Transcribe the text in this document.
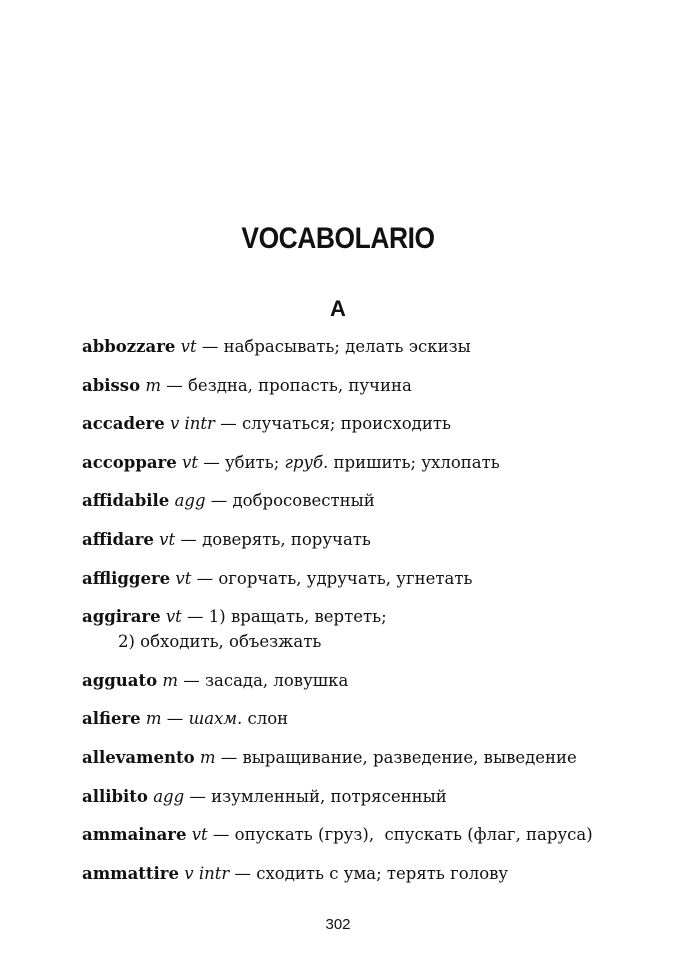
VOCABOLARIO
A
abbozzare vt — набрасывать; делать эскизы
abisso m — бездна, пропасть, пучина
accadere v intr — случаться; происходить
accoppare vt — убить; груб. пришить; ухлопать
affidabile agg — добросовестный
affidare vt — доверять, поручать
affliggere vt — огорчать, удручать, угнетать
aggirare vt — 1) вращать, вертеть;
2) обходить, объезжать
agguato m — засада, ловушка
alfiere m — шахм. слон
allevamento m — выращивание, разведение, выведение
allibito agg — изумленный, потрясенный
ammainare vt — опускать (груз),  спускать (флаг, паруса)
ammattire v intr — сходить с ума; терять голову
302
